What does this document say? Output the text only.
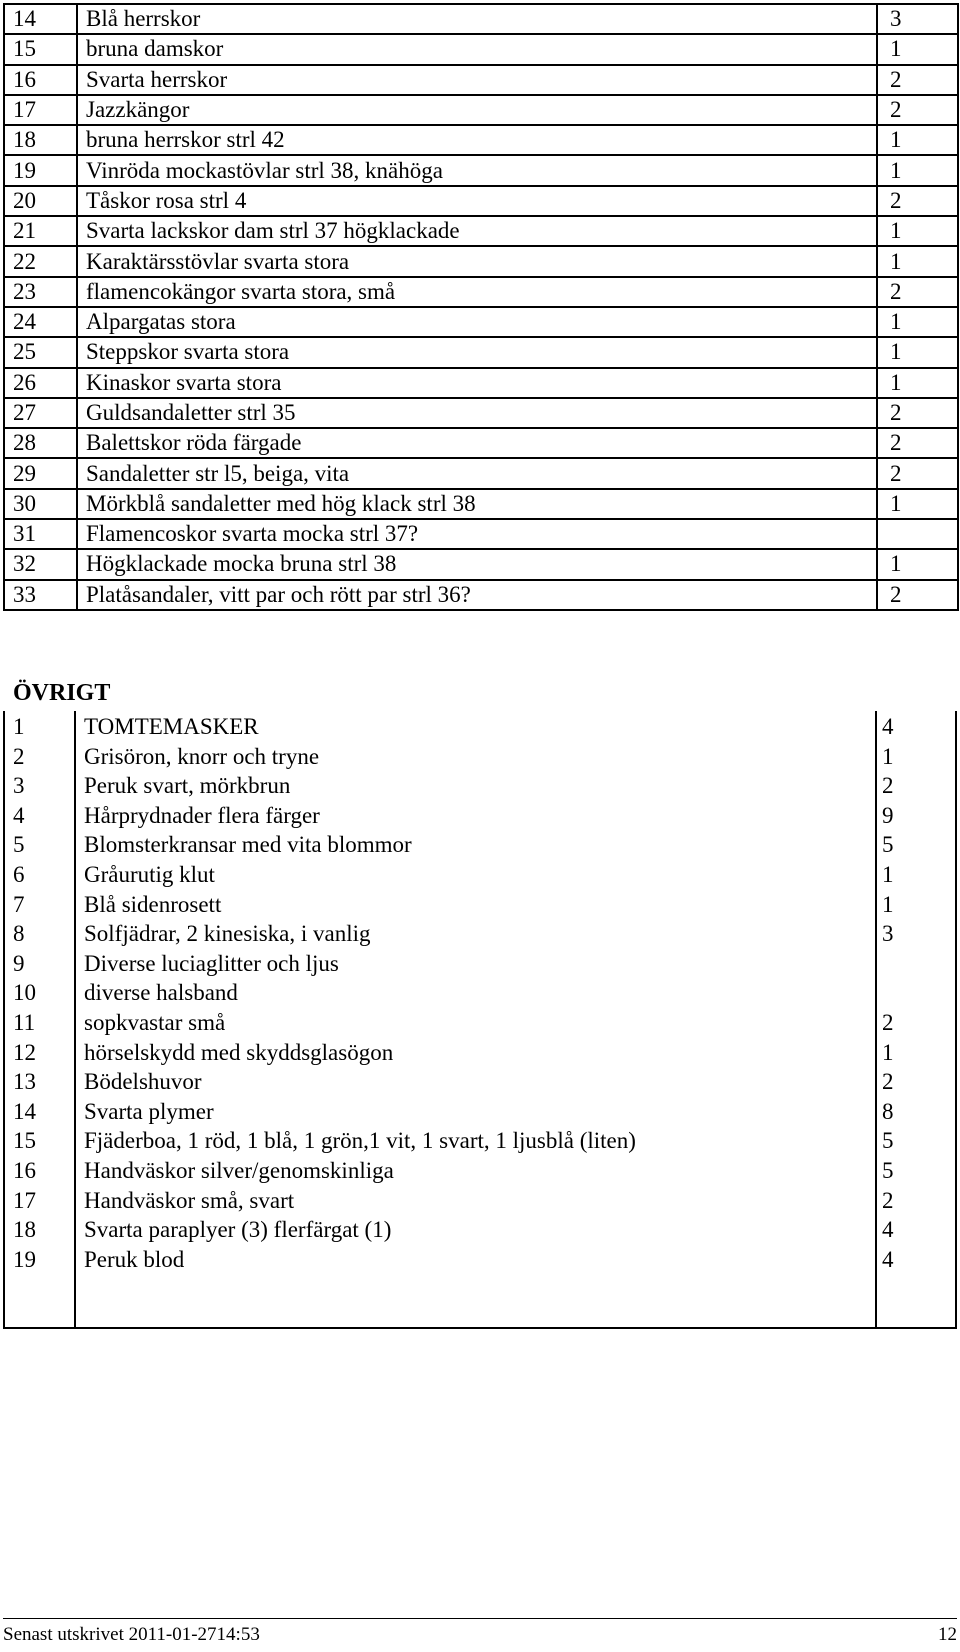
14	Blå herrskor	3
15	bruna damskor	1
16	Svarta herrskor	2
17	Jazzkängor	2
18	bruna herrskor strl 42	1
19	Vinröda mockastövlar strl 38, knähöga	1
20	Tåskor rosa strl 4	2
21	Svarta lackskor dam strl 37 högklackade	1
22	Karaktärsstövlar svarta stora	1
23	flamencokängor svarta stora, små	2
24	Alpargatas stora	1
25	Steppskor svarta stora	1
26	Kinaskor svarta stora	1
27	Guldsandaletter strl 35	2
28	Balettskor röda färgade	2
29	Sandaletter str l5, beiga, vita	2
30	Mörkblå sandaletter med hög klack strl 38	1
31	Flamencoskor svarta mocka strl 37?	
32	Högklackade mocka bruna strl 38	1
33	Platåsandaler, vitt par och rött par strl 36?	2
ÖVRIGT
1	TOMTEMASKER	4
2	Grisöron, knorr och tryne	1
3	Peruk svart, mörkbrun	2
4	Hårprydnader flera färger	9
5	Blomsterkransar med vita blommor	5
6	Gråurutig klut	1
7	Blå sidenrosett	1
8	Solfjädrar, 2 kinesiska, i vanlig	3
9	Diverse luciaglitter och ljus
10 diverse halsband
11 sopkvastar små	2
12 hörselskydd med skyddsglasögon	1
13 Bödelshuvor	2
14 Svarta plymer	8
15 Fjäderboa, 1 röd, 1 blå, 1 grön,1 vit, 1 svart, 1 ljusblå (liten)	5
16 Handväskor silver/genomskinliga	5
17 Handväskor små, svart	2
18 Svarta paraplyer (3) flerfärgat (1)	4
19 Peruk blod	4
Senast utskrivet 2011-01-2714:53	12
